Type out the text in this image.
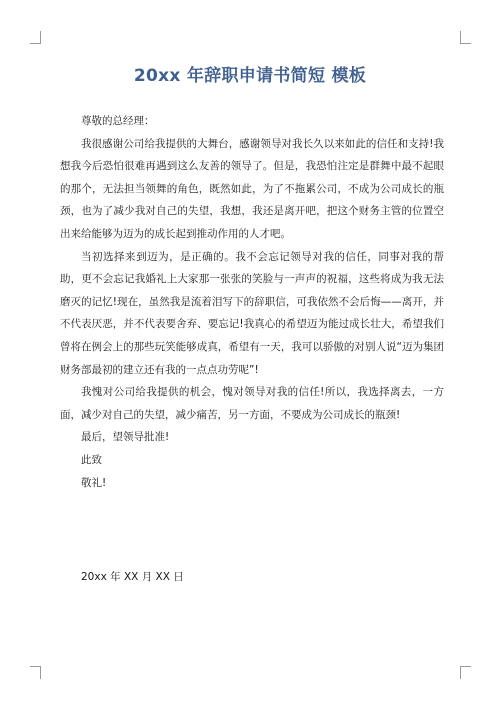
20xx 年辞职申请书简短 模板

尊敬的总经理：

我很感谢公司给我提供的大舞台，感谢领导对我长久以来如此的信任和支持!我想我今后恐怕很难再遇到这么友善的领导了。但是，我恐怕注定是群舞中最不起眼的那个，无法担当领舞的角色，既然如此，为了不拖累公司，不成为公司成长的瓶颈，也为了减少我对自己的失望，我想，我还是离开吧，把这个财务主管的位置空出来给能够为迈为的成长起到推动作用的人才吧。

当初选择来到迈为，是正确的。我不会忘记领导对我的信任，同事对我的帮助，更不会忘记我婚礼上大家那一张张的笑脸与一声声的祝福，这些将成为我无法磨灭的记忆!现在，虽然我是流着泪写下的辞职信，可我依然不会后悔——离开，并不代表厌恶，并不代表要舍弃、要忘记!我真心的希望迈为能过成长壮大，希望我们曾将在例会上的那些玩笑能够成真，希望有一天，我可以骄傲的对别人说“迈为集团财务部最初的建立还有我的一点点功劳呢”!

我愧对公司给我提供的机会，愧对领导对我的信任!所以，我选择离去，一方面，减少对自己的失望，减少痛苦，另一方面，不要成为公司成长的瓶颈!

最后，望领导批准!

此致

敬礼!

20xx 年 XX 月 XX 日
